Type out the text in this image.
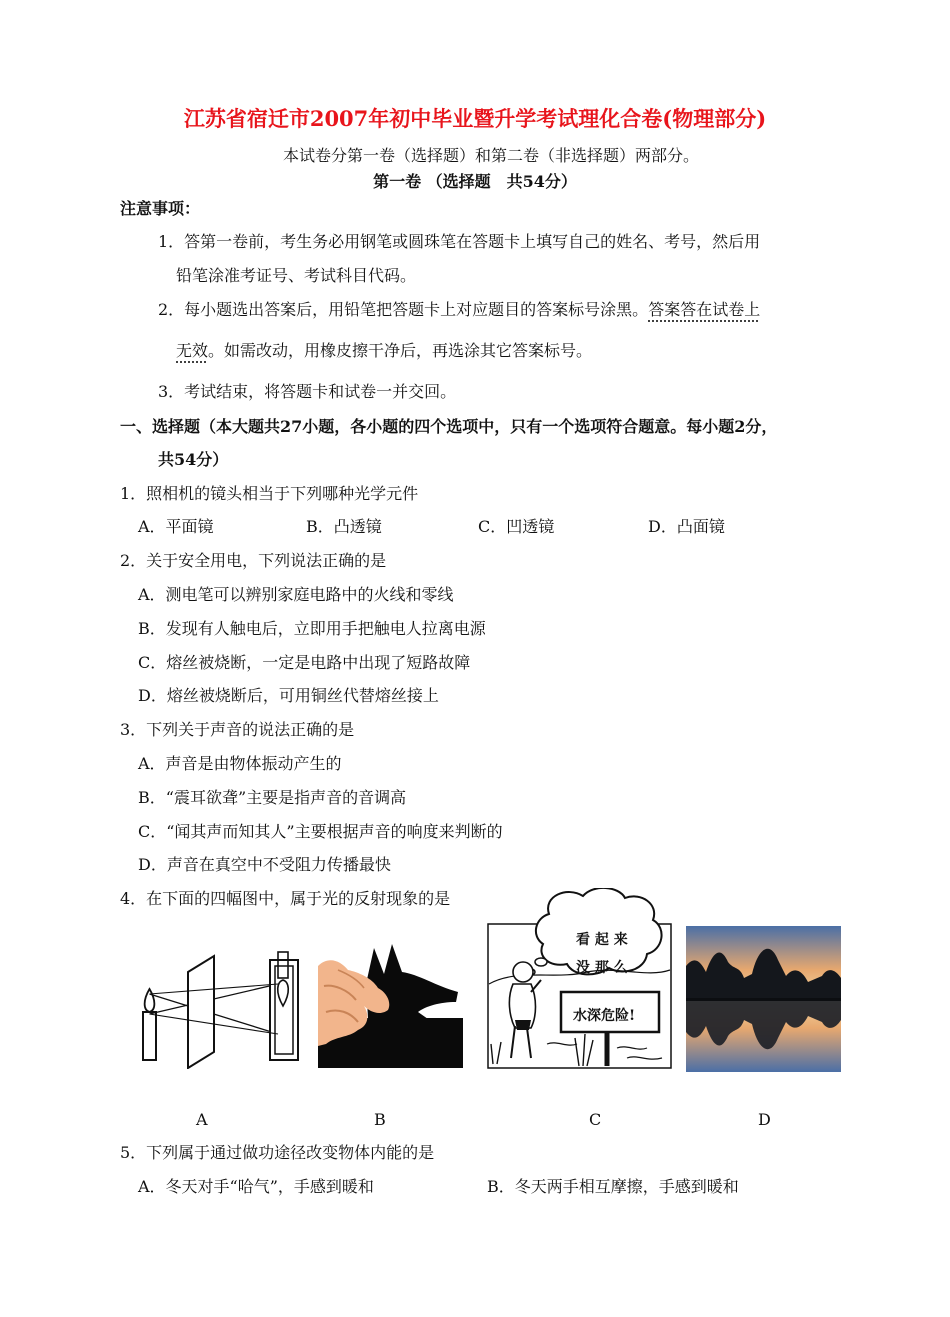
江苏省宿迁市2007年初中毕业暨升学考试理化合卷(物理部分)
本试卷分第一卷（选择题）和第二卷（非选择题）两部分。
第一卷 （选择题　共54分）
注意事项：
1．答第一卷前，考生务必用钢笔或圆珠笔在答题卡上填写自己的姓名、考号，然后用
铅笔涂准考证号、考试科目代码。
2．每小题选出答案后，用铅笔把答题卡上对应题目的答案标号涂黑。答案答在试卷上
无效。如需改动，用橡皮擦干净后，再选涂其它答案标号。
3．考试结束，将答题卡和试卷一并交回。
一、选择题（本大题共27小题，各小题的四个选项中，只有一个选项符合题意。每小题2分，
共54分）
1．照相机的镜头相当于下列哪种光学元件
A．平面镜	B．凸透镜	C．凹透镜	D．凸面镜
2．关于安全用电，下列说法正确的是
A．测电笔可以辨别家庭电路中的火线和零线
B．发现有人触电后，立即用手把触电人拉离电源
C．熔丝被烧断，一定是电路中出现了短路故障
D．熔丝被烧断后，可用铜丝代替熔丝接上
3．下列关于声音的说法正确的是
A．声音是由物体振动产生的
B．“震耳欲聋”主要是指声音的音调高
C．“闻其声而知其人”主要根据声音的响度来判断的
D．声音在真空中不受阻力传播最快
4．在下面的四幅图中，属于光的反射现象的是
看 起 来
没 那 么
水深危险!
A	B	C	D
5．下列属于通过做功途径改变物体内能的是
A．冬天对手“哈气”，手感到暖和	B．冬天两手相互摩擦，手感到暖和
